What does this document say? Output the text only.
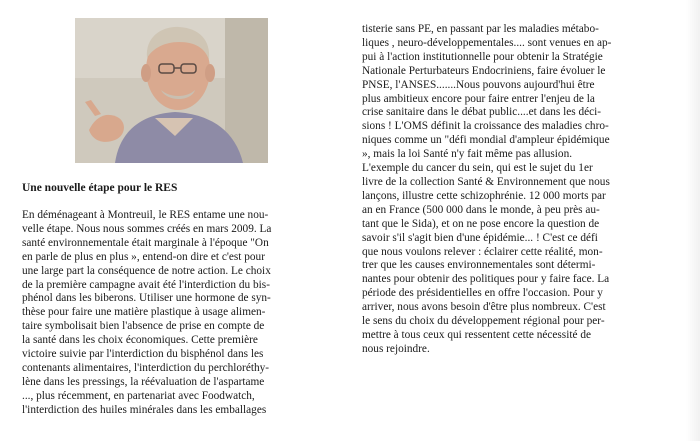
Une nouvelle étape pour le RES

En déménageant à Montreuil, le RES entame une nou-
velle étape. Nous nous sommes créés en mars 2009. La
santé environnementale était marginale à l'époque "On
en parle de plus en plus », entend-on dire et c'est pour
une large part la conséquence de notre action. Le choix
de la première campagne avait été l'interdiction du bis-
phénol dans les biberons. Utiliser une hormone de syn-
thèse pour faire une matière plastique à usage alimen-
taire symbolisait bien l'absence de prise en compte de
la santé dans les choix économiques. Cette première
victoire suivie par l'interdiction du bisphénol dans les
contenants alimentaires, l'interdiction du perchloréthy-
lène dans les pressings, la réévaluation de l'aspartame
..., plus récemment, en partenariat avec Foodwatch,
l'interdiction des huiles minérales dans les emballages

tisterie sans PE, en passant par les maladies métabo-
liques , neuro-développementales.... sont venues en ap-
pui à l'action institutionnelle pour obtenir la Stratégie
Nationale Perturbateurs Endocriniens, faire évoluer le
PNSE, l'ANSES.......Nous pouvons aujourd'hui être
plus ambitieux encore pour faire entrer l'enjeu de la
crise sanitaire dans le débat public....et dans les déci-
sions ! L'OMS définit la croissance des maladies chro-
niques comme un "défi mondial d'ampleur épidémique
», mais la loi Santé n'y fait même pas allusion.

L'exemple du cancer du sein, qui est le sujet du 1er
livre de la collection Santé & Environnement que nous
lançons, illustre cette schizophrénie. 12 000 morts par
an en France (500 000 dans le monde, à peu près au-
tant que le Sida), et on ne pose encore la question de
savoir s'il s'agit bien d'une épidémie... ! C'est ce défi
que nous voulons relever : éclairer cette réalité, mon-
trer que les causes environnementales sont détermi-
nantes pour obtenir des politiques pour y faire face. La
période des présidentielles en offre l'occasion. Pour y
arriver, nous avons besoin d'être plus nombreux. C'est
le sens du choix du développement régional pour per-
mettre à tous ceux qui ressentent cette nécessité de
nous rejoindre.
